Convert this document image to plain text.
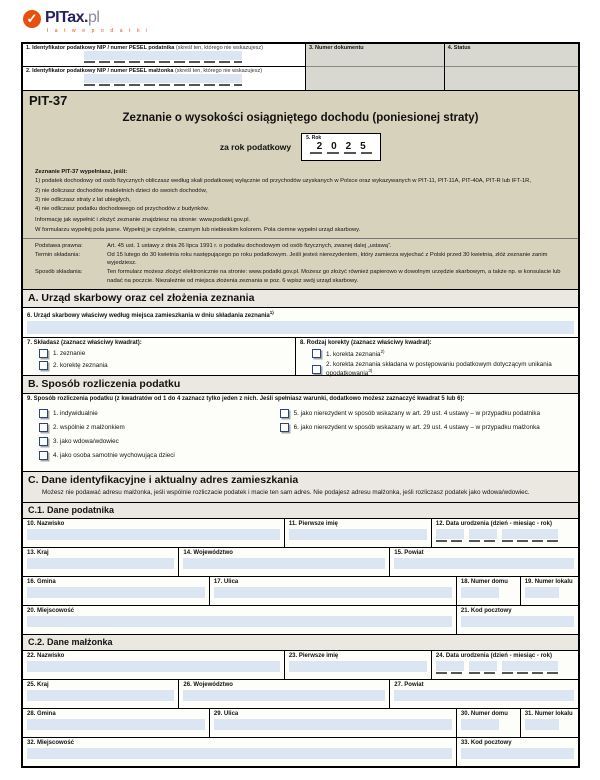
✓ PITax.pl
ł a t w e p o d a t k i
1. Identyfikator podatkowy NIP / numer PESEL podatnika (skreśl ten, którego nie wskazujesz)
2. Identyfikator podatkowy NIP / numer PESEL małżonka (skreśl ten, którego nie wskazujesz)
3. Numer dokumentu	4. Status
PIT-37
Zeznanie o wysokości osiągniętego dochodu (poniesionej straty)
za rok podatkowy
5. Rok
2 0 2 5
Zeznanie PIT-37 wypełniasz, jeśli:
1) podatek dochodowy od osób fizycznych obliczasz według skali podatkowej wyłącznie od przychodów uzyskanych w Polsce oraz wykazywanych w PIT-11, PIT-11A, PIT-40A, PIT-R lub IFT-1R,
2) nie doliczasz dochodów małoletnich dzieci do swoich dochodów,
3) nie odliczasz straty z lat ubiegłych,
4) nie odliczasz podatku dochodowego od przychodów z budynków.
Informację jak wypełnić i złożyć zeznanie znajdziesz na stronie: www.podatki.gov.pl.
W formularzu wypełnij pola jasne. Wypełnij je czytelnie, czarnym lub niebieskim kolorem. Pola ciemne wypełni urząd skarbowy.
Podstawa prawna:	Art. 45 ust. 1 ustawy z dnia 26 lipca 1991 r. o podatku dochodowym od osób fizycznych, zwanej dalej „ustawą”.
Termin składania:	Od 15 lutego do 30 kwietnia roku następującego po roku podatkowym. Jeśli jesteś nierezydentem, który zamierza wyjechać z Polski przed 30 kwietnia, złóż zeznanie zanim wyjedziesz.
Sposób składania:	Ten formularz możesz złożyć elektronicznie na stronie: www.podatki.gov.pl. Możesz go złożyć również papierowo w dowolnym urzędzie skarbowym, a także np. w konsulacie lub nadać na poczcie. Niezależnie od miejsca złożenia zeznania w poz. 6 wpisz swój urząd skarbowy.
A. Urząd skarbowy oraz cel złożenia zeznania
6. Urząd skarbowy właściwy według miejsca zamieszkania w dniu składania zeznania$^{1)}$
7. Składasz (zaznacz właściwy kwadrat):
1. zeznanie
2. korektę zeznania
8. Rodzaj korekty (zaznacz właściwy kwadrat):
1. korekta zeznania$^{2)}$
2. korekta zeznania składana w postępowaniu podatkowym dotyczącym unikania opodatkowania$^{3)}$
B. Sposób rozliczenia podatku
9. Sposób rozliczenia podatku (z kwadratów od 1 do 4 zaznacz tylko jeden z nich. Jeśli spełniasz warunki, dodatkowo możesz zaznaczyć kwadrat 5 lub 6):
1. indywidualnie
2. wspólnie z małżonkiem
3. jako wdowa/wdowiec
4. jako osoba samotnie wychowująca dzieci
5. jako nierezydent w sposób wskazany w art. 29 ust. 4 ustawy – w przypadku podatnika
6. jako nierezydent w sposób wskazany w art. 29 ust. 4 ustawy – w przypadku małżonka
C. Dane identyfikacyjne i aktualny adres zamieszkania
Możesz nie podawać adresu małżonka, jeśli wspólnie rozliczacie podatek i macie ten sam adres. Nie podajesz adresu małżonka, jeśli rozliczasz podatek jako wdowa/wdowiec.
C.1. Dane podatnika
10. Nazwisko	11. Pierwsze imię	12. Data urodzenia (dzień - miesiąc - rok)
13. Kraj	14. Województwo	15. Powiat
16. Gmina	17. Ulica	18. Numer domu	19. Numer lokalu
20. Miejscowość	21. Kod pocztowy
C.2. Dane małżonka
22. Nazwisko	23. Pierwsze imię	24. Data urodzenia (dzień - miesiąc - rok)
25. Kraj	26. Województwo	27. Powiat
28. Gmina	29. Ulica	30. Numer domu	31. Numer lokalu
32. Miejscowość	33. Kod pocztowy
